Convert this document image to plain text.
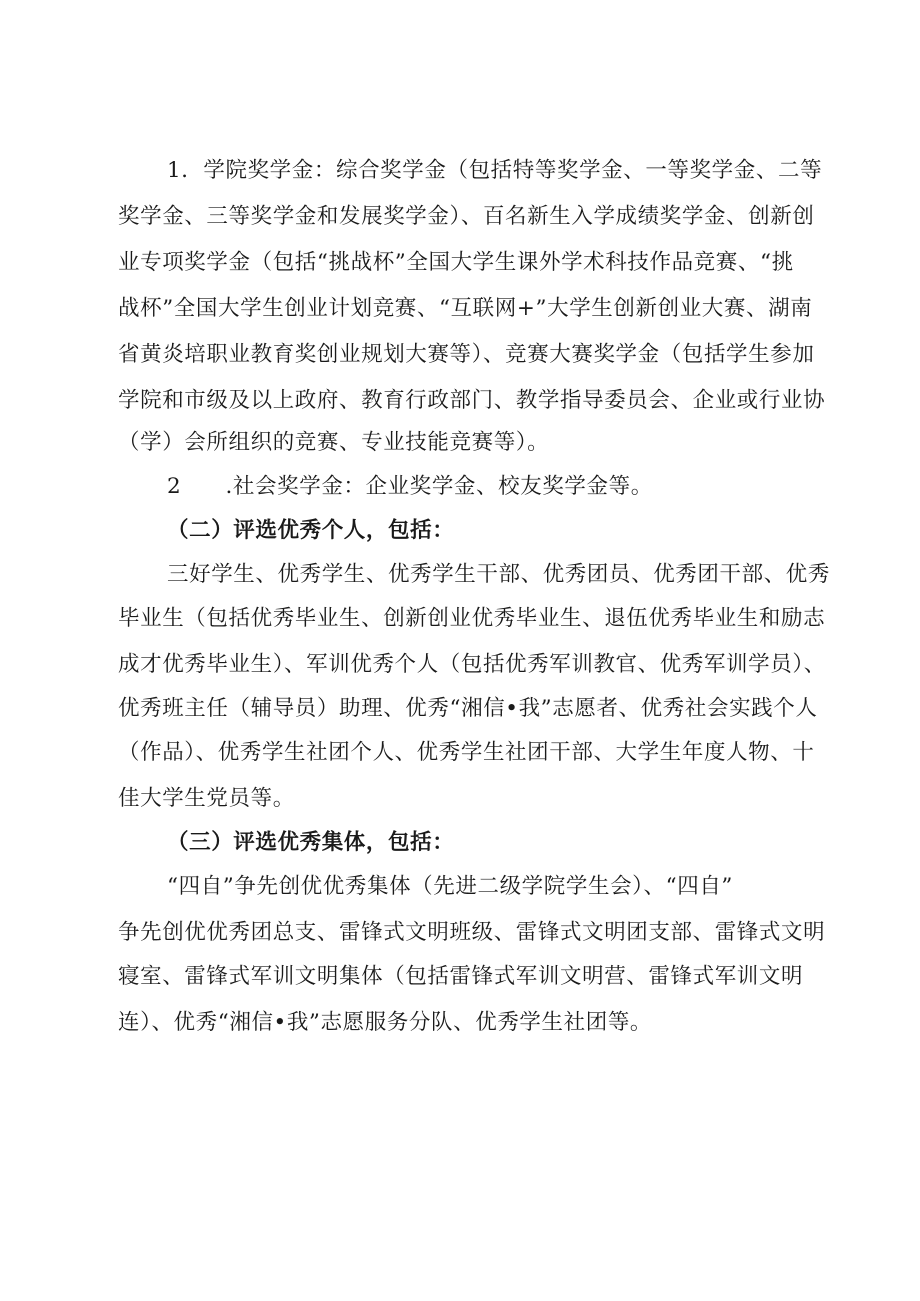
1．学院奖学金：综合奖学金（包括特等奖学金、一等奖学金、二等
奖学金、三等奖学金和发展奖学金）、百名新生入学成绩奖学金、创新创
业专项奖学金（包括“挑战杯”全国大学生课外学术科技作品竞赛、“挑
战杯”全国大学生创业计划竞赛、“互联网+”大学生创新创业大赛、湖南
省黄炎培职业教育奖创业规划大赛等）、竞赛大赛奖学金（包括学生参加
学院和市级及以上政府、教育行政部门、教学指导委员会、企业或行业协
（学）会所组织的竞赛、专业技能竞赛等）。
2　　.社会奖学金：企业奖学金、校友奖学金等。
（二）评选优秀个人，包括：
三好学生、优秀学生、优秀学生干部、优秀团员、优秀团干部、优秀
毕业生（包括优秀毕业生、创新创业优秀毕业生、退伍优秀毕业生和励志
成才优秀毕业生）、军训优秀个人（包括优秀军训教官、优秀军训学员）、
优秀班主任（辅导员）助理、优秀“湘信•我”志愿者、优秀社会实践个人
（作品）、优秀学生社团个人、优秀学生社团干部、大学生年度人物、十
佳大学生党员等。
（三）评选优秀集体，包括：
“四自”争先创优优秀集体（先进二级学院学生会）、“四自”
争先创优优秀团总支、雷锋式文明班级、雷锋式文明团支部、雷锋式文明
寝室、雷锋式军训文明集体（包括雷锋式军训文明营、雷锋式军训文明
连）、优秀“湘信•我”志愿服务分队、优秀学生社团等。
